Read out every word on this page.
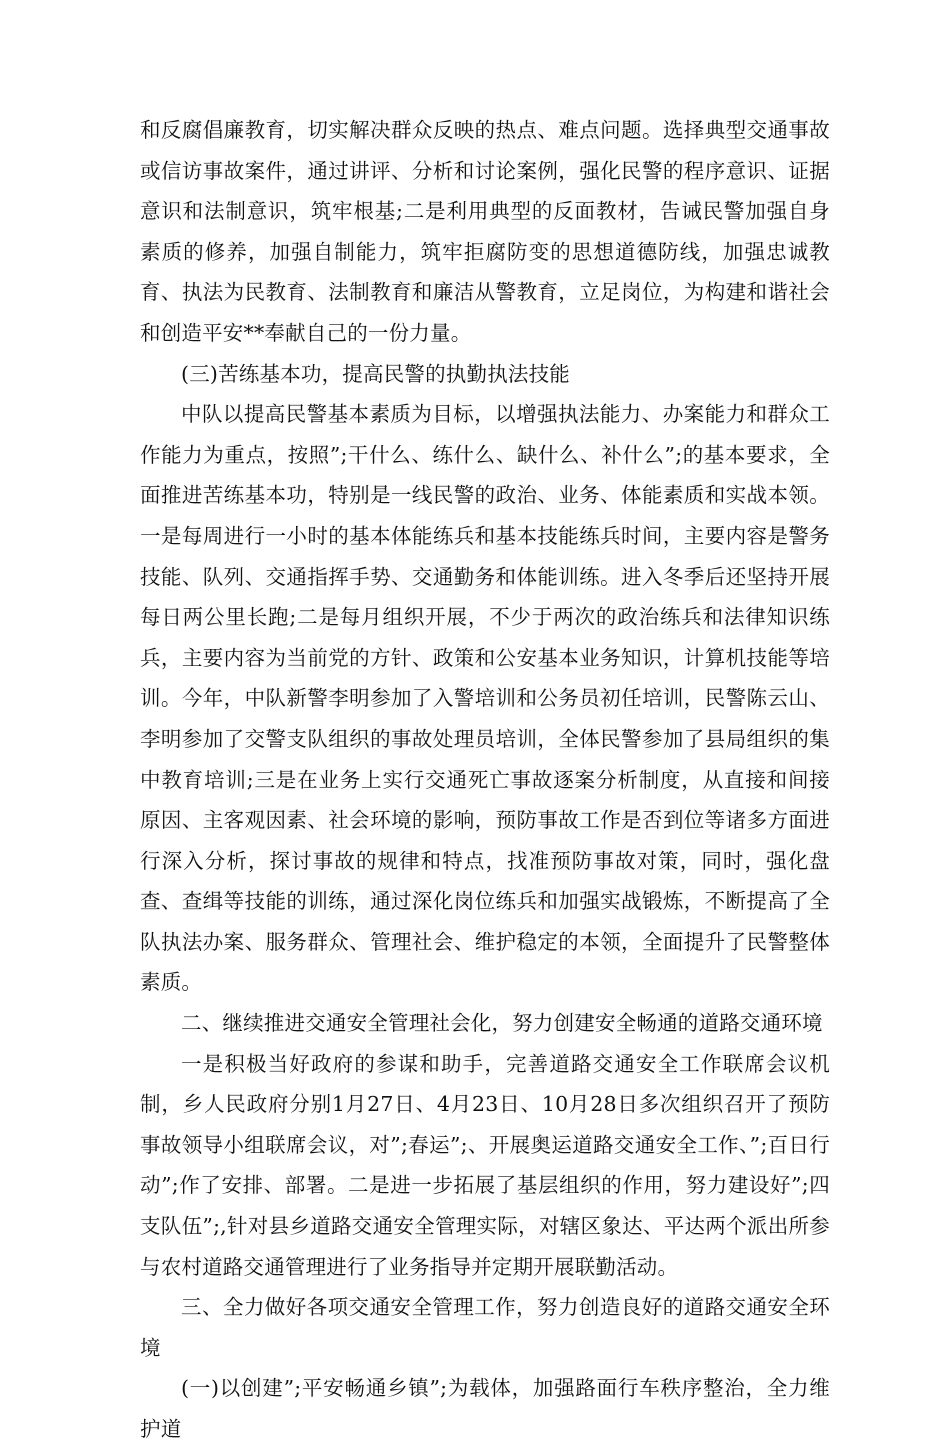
和反腐倡廉教育，切实解决群众反映的热点、难点问题。选择典型交通事故或信访事故案件，通过讲评、分析和讨论案例，强化民警的程序意识、证据意识和法制意识，筑牢根基;二是利用典型的反面教材，告诫民警加强自身素质的修养，加强自制能力，筑牢拒腐防变的思想道德防线，加强忠诚教育、执法为民教育、法制教育和廉洁从警教育，立足岗位，为构建和谐社会和创造平安**奉献自己的一份力量。

(三)苦练基本功，提高民警的执勤执法技能

中队以提高民警基本素质为目标，以增强执法能力、办案能力和群众工作能力为重点，按照”;干什么、练什么、缺什么、补什么”;的基本要求，全面推进苦练基本功，特别是一线民警的政治、业务、体能素质和实战本领。一是每周进行一小时的基本体能练兵和基本技能练兵时间，主要内容是警务技能、队列、交通指挥手势、交通勤务和体能训练。进入冬季后还坚持开展每日两公里长跑;二是每月组织开展，不少于两次的政治练兵和法律知识练兵，主要内容为当前党的方针、政策和公安基本业务知识，计算机技能等培训。今年，中队新警李明参加了入警培训和公务员初任培训，民警陈云山、李明参加了交警支队组织的事故处理员培训，全体民警参加了县局组织的集中教育培训;三是在业务上实行交通死亡事故逐案分析制度，从直接和间接原因、主客观因素、社会环境的影响，预防事故工作是否到位等诸多方面进行深入分析，探讨事故的规律和特点，找准预防事故对策，同时，强化盘查、查缉等技能的训练，通过深化岗位练兵和加强实战锻炼，不断提高了全队执法办案、服务群众、管理社会、维护稳定的本领，全面提升了民警整体素质。

二、继续推进交通安全管理社会化，努力创建安全畅通的道路交通环境

一是积极当好政府的参谋和助手，完善道路交通安全工作联席会议机制，乡人民政府分别1月27日、4月23日、10月28日多次组织召开了预防事故领导小组联席会议，对”;春运”;、开展奥运道路交通安全工作、”;百日行动”;作了安排、部署。二是进一步拓展了基层组织的作用，努力建设好”;四支队伍”;,针对县乡道路交通安全管理实际，对辖区象达、平达两个派出所参与农村道路交通管理进行了业务指导并定期开展联勤活动。

三、全力做好各项交通安全管理工作，努力创造良好的道路交通安全环境

(一)以创建”;平安畅通乡镇”;为载体，加强路面行车秩序整治，全力维护道
